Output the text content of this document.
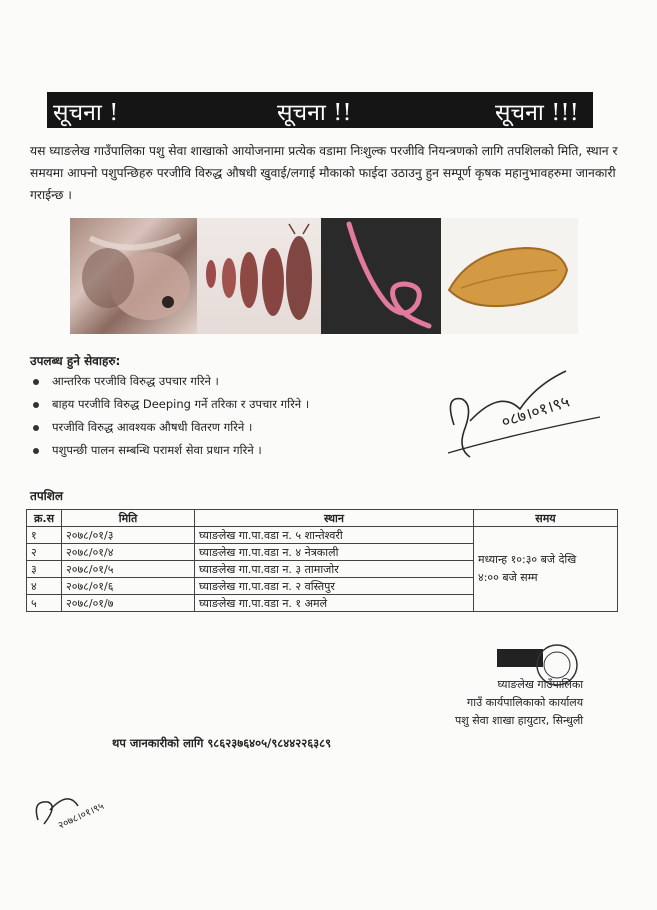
सूचना !	सूचना !!	सूचना !!!
यस घ्याङलेख गाउँपालिका पशु सेवा शाखाको आयोजनामा प्रत्येक वडामा निःशुल्क परजीवि नियन्त्रणको लागि तपशिलको मिति, स्थान र समयमा आफ्नो पशुपन्छिहरु परजीवि विरुद्ध औषधी खुवाई/लगाई मौकाको फाईदा उठाउनु हुन सम्पूर्ण कृषक महानुभावहरुमा जानकारी गराईन्छ ।
उपलब्ध हुने सेवाहरु:
आन्तरिक परजीवि विरुद्ध उपचार गरिने ।
बाहय परजीवि विरुद्ध Deeping गर्ने तरिका र उपचार गरिने ।
परजीवि विरुद्ध आवश्यक औषधी वितरण गरिने ।
पशुपन्छी पालन सम्बन्धि परामर्श सेवा प्रधान गरिने ।
०८७।०१।९५
तपशिल
क्र.स	मिति	स्थान	समय
१	२०७८/०१/३	घ्याङलेख गा.पा.वडा न. ५ शान्तेश्वरी	मध्यान्ह १०:३० बजे देखि
४:०० बजे सम्म

२	२०७८/०१/४	घ्याङलेख गा.पा.वडा न. ४ नेत्रकाली	
३	२०७८/०१/५	घ्याङलेख गा.पा.वडा न. ३ तामाजोर	
४	२०७८/०१/६	घ्याङलेख गा.पा.वडा न. २ वस्तिपुर	
५	२०७८/०१/७	घ्याङलेख गा.पा.वडा न. १ अमले	
घ्याङलेख गाउँपालिका
गाउँ कार्यपालिकाको कार्यालय
पशु सेवा शाखा हायुटार, सिन्धुली
थप जानकारीको लागि ९८६२३७६४०५/९८४४२२६३८९
२०७८।०१।९५
